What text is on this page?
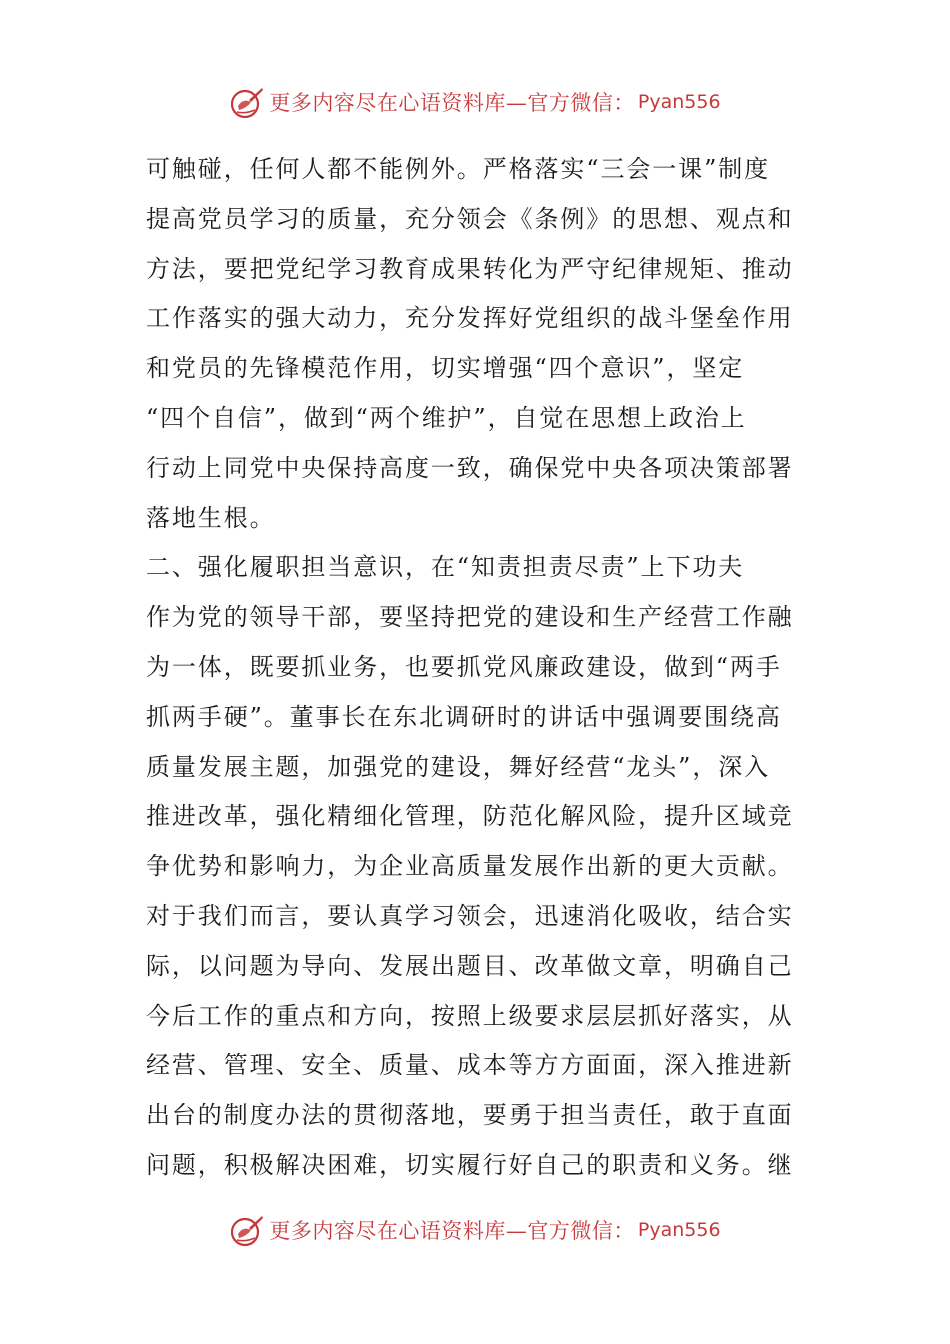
更多内容尽在心语资料库—官方微信： Pyan556
可触碰，任何人都不能例外。严格落实“三会一课”制度
提高党员学习的质量，充分领会《条例》的思想、观点和
方法，要把党纪学习教育成果转化为严守纪律规矩、推动
工作落实的强大动力，充分发挥好党组织的战斗堡垒作用
和党员的先锋模范作用，切实增强“四个意识”，坚定
“四个自信”，做到“两个维护”，自觉在思想上政治上
行动上同党中央保持高度一致，确保党中央各项决策部署
落地生根。
二、强化履职担当意识，在“知责担责尽责”上下功夫
作为党的领导干部，要坚持把党的建设和生产经营工作融
为一体，既要抓业务，也要抓党风廉政建设，做到“两手
抓两手硬”。董事长在东北调研时的讲话中强调要围绕高
质量发展主题，加强党的建设，舞好经营“龙头”，深入
推进改革，强化精细化管理，防范化解风险，提升区域竞
争优势和影响力，为企业高质量发展作出新的更大贡献。
对于我们而言，要认真学习领会，迅速消化吸收，结合实
际，以问题为导向、发展出题目、改革做文章，明确自己
今后工作的重点和方向，按照上级要求层层抓好落实，从
经营、管理、安全、质量、成本等方方面面，深入推进新
出台的制度办法的贯彻落地，要勇于担当责任，敢于直面
问题，积极解决困难，切实履行好自己的职责和义务。继
更多内容尽在心语资料库—官方微信： Pyan556
